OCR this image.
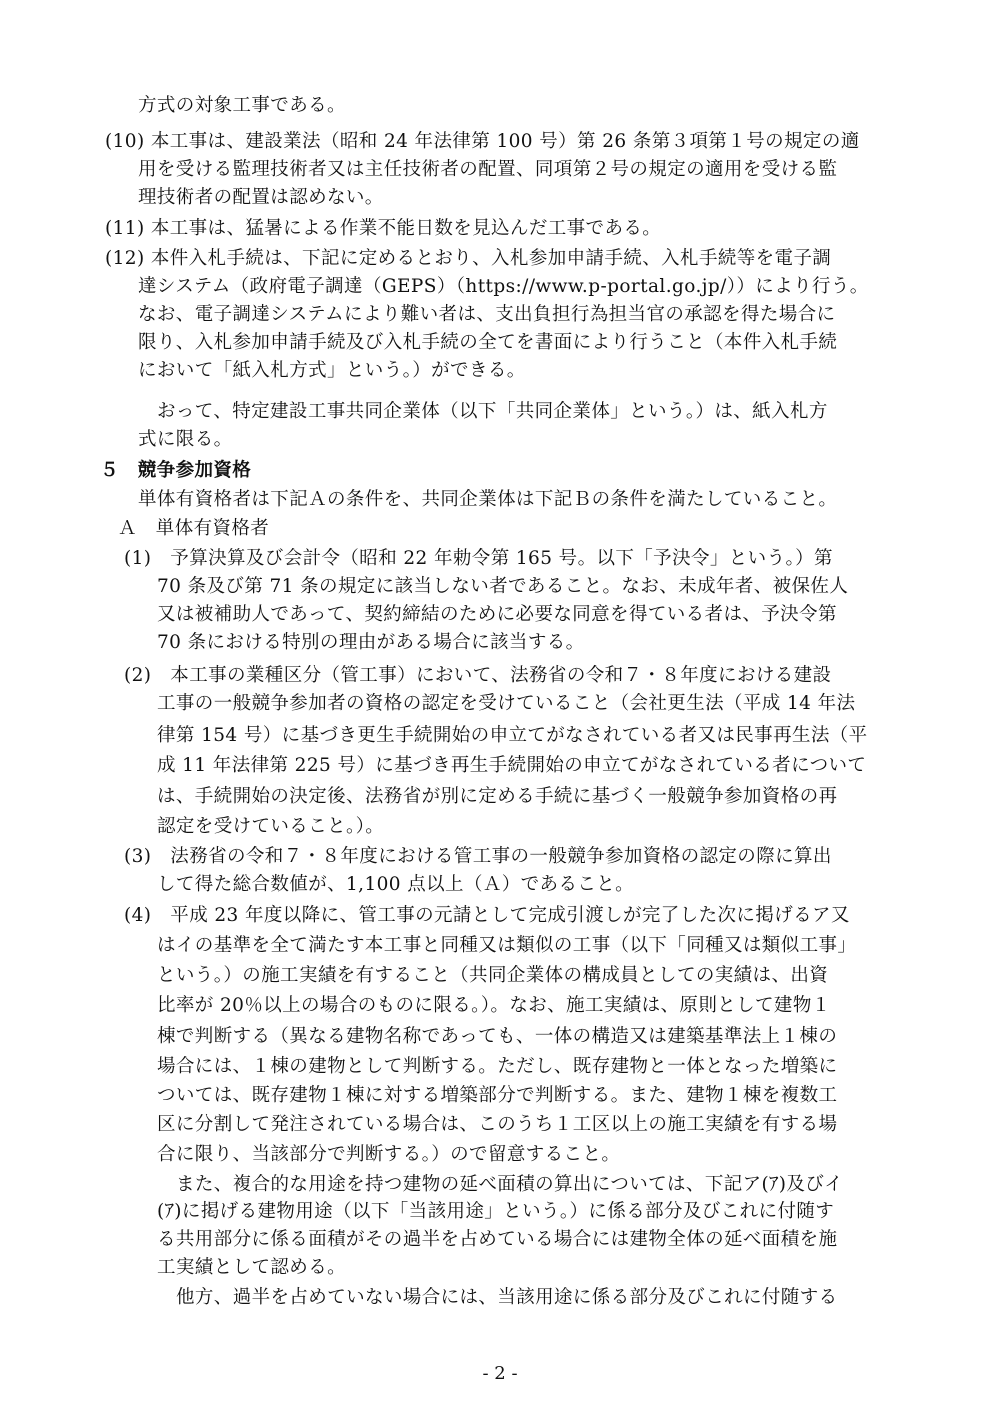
方式の対象工事である。
(10) 本工事は、建設業法（昭和 24 年法律第 100 号）第 26 条第３項第１号の規定の適
用を受ける監理技術者又は主任技術者の配置、同項第２号の規定の適用を受ける監
理技術者の配置は認めない。
(11) 本工事は、猛暑による作業不能日数を見込んだ工事である。
(12) 本件入札手続は、下記に定めるとおり、入札参加申請手続、入札手続等を電子調
達システム（政府電子調達（GEPS）（https://www.p-portal.go.jp/））により行う。
なお、電子調達システムにより難い者は、支出負担行為担当官の承認を得た場合に
限り、入札参加申請手続及び入札手続の全てを書面により行うこと（本件入札手続
において「紙入札方式」という。）ができる。
おって、特定建設工事共同企業体（以下「共同企業体」という。）は、紙入札方
式に限る。
５　競争参加資格
単体有資格者は下記Ａの条件を、共同企業体は下記Ｂの条件を満たしていること。
Ａ　単体有資格者
(1)　予算決算及び会計令（昭和 22 年勅令第 165 号。以下「予決令」という。）第
70 条及び第 71 条の規定に該当しない者であること。なお、未成年者、被保佐人
又は被補助人であって、契約締結のために必要な同意を得ている者は、予決令第
70 条における特別の理由がある場合に該当する。
(2)　本工事の業種区分（管工事）において、法務省の令和７・８年度における建設
工事の一般競争参加者の資格の認定を受けていること（会社更生法（平成 14 年法
律第 154 号）に基づき更生手続開始の申立てがなされている者又は民事再生法（平
成 11 年法律第 225 号）に基づき再生手続開始の申立てがなされている者について
は、手続開始の決定後、法務省が別に定める手続に基づく一般競争参加資格の再
認定を受けていること。）。
(3)　法務省の令和７・８年度における管工事の一般競争参加資格の認定の際に算出
して得た総合数値が、1,100 点以上（Ａ）であること。
(4)　平成 23 年度以降に、管工事の元請として完成引渡しが完了した次に掲げるア又
はイの基準を全て満たす本工事と同種又は類似の工事（以下「同種又は類似工事」
という。）の施工実績を有すること（共同企業体の構成員としての実績は、出資
比率が 20％以上の場合のものに限る。）。なお、施工実績は、原則として建物１
棟で判断する（異なる建物名称であっても、一体の構造又は建築基準法上１棟の
場合には、１棟の建物として判断する。ただし、既存建物と一体となった増築に
ついては、既存建物１棟に対する増築部分で判断する。また、建物１棟を複数工
区に分割して発注されている場合は、このうち１工区以上の施工実績を有する場
合に限り、当該部分で判断する。）ので留意すること。
また、複合的な用途を持つ建物の延べ面積の算出については、下記ア(ｱ)及びイ
(ｱ)に掲げる建物用途（以下「当該用途」という。）に係る部分及びこれに付随す
る共用部分に係る面積がその過半を占めている場合には建物全体の延べ面積を施
工実績として認める。
他方、過半を占めていない場合には、当該用途に係る部分及びこれに付随する
- 2 -
